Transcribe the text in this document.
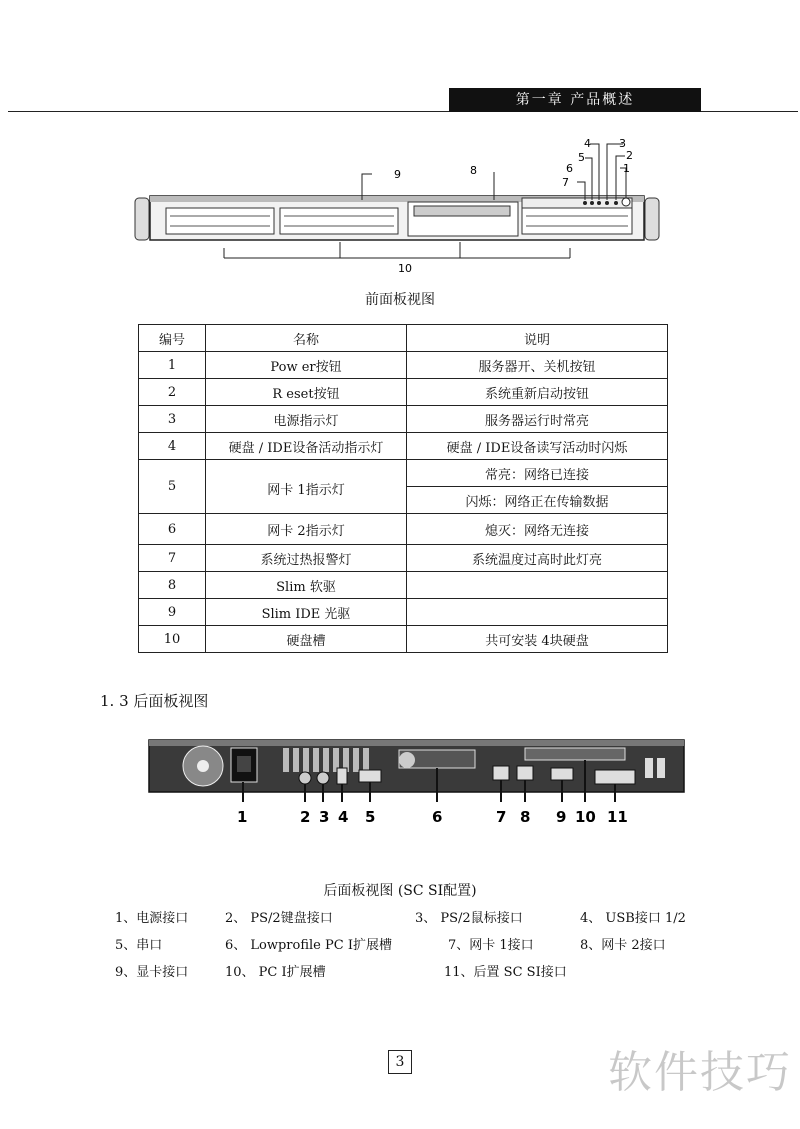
第一章 产品概述
1
2
3
4
5
6
7
8
9
10
前面板视图
编号	名称	说明
1	Pow er按钮	服务器开、关机按钮
2	R eset按钮	系统重新启动按钮
3	电源指示灯	服务器运行时常亮
4	硬盘 / IDE设备活动指示灯	硬盘 / IDE设备读写活动时闪烁
5	网卡 1指示灯	常亮：网络已连接
		闪烁：网络正在传输数据
6	网卡 2指示灯	熄灭：网络无连接
7	系统过热报警灯	系统温度过高时此灯亮
8	Slim 软驱	
9	Slim IDE 光驱	
10	硬盘槽	共可安装 4块硬盘
1. 3 后面板视图
1	2 3 4 5	6	7 8 9 10 11
后面板视图 (SC SI配置)
1、电源接口	2、 PS/2键盘接口	3、 PS/2鼠标接口	4、 USB接口 1/2
5、串口	6、 Lowprofile PC I扩展槽	7、网卡 1接口	8、网卡 2接口
9、显卡接口	10、 PC I扩展槽	11、后置 SC SI接口
3	软件技巧
